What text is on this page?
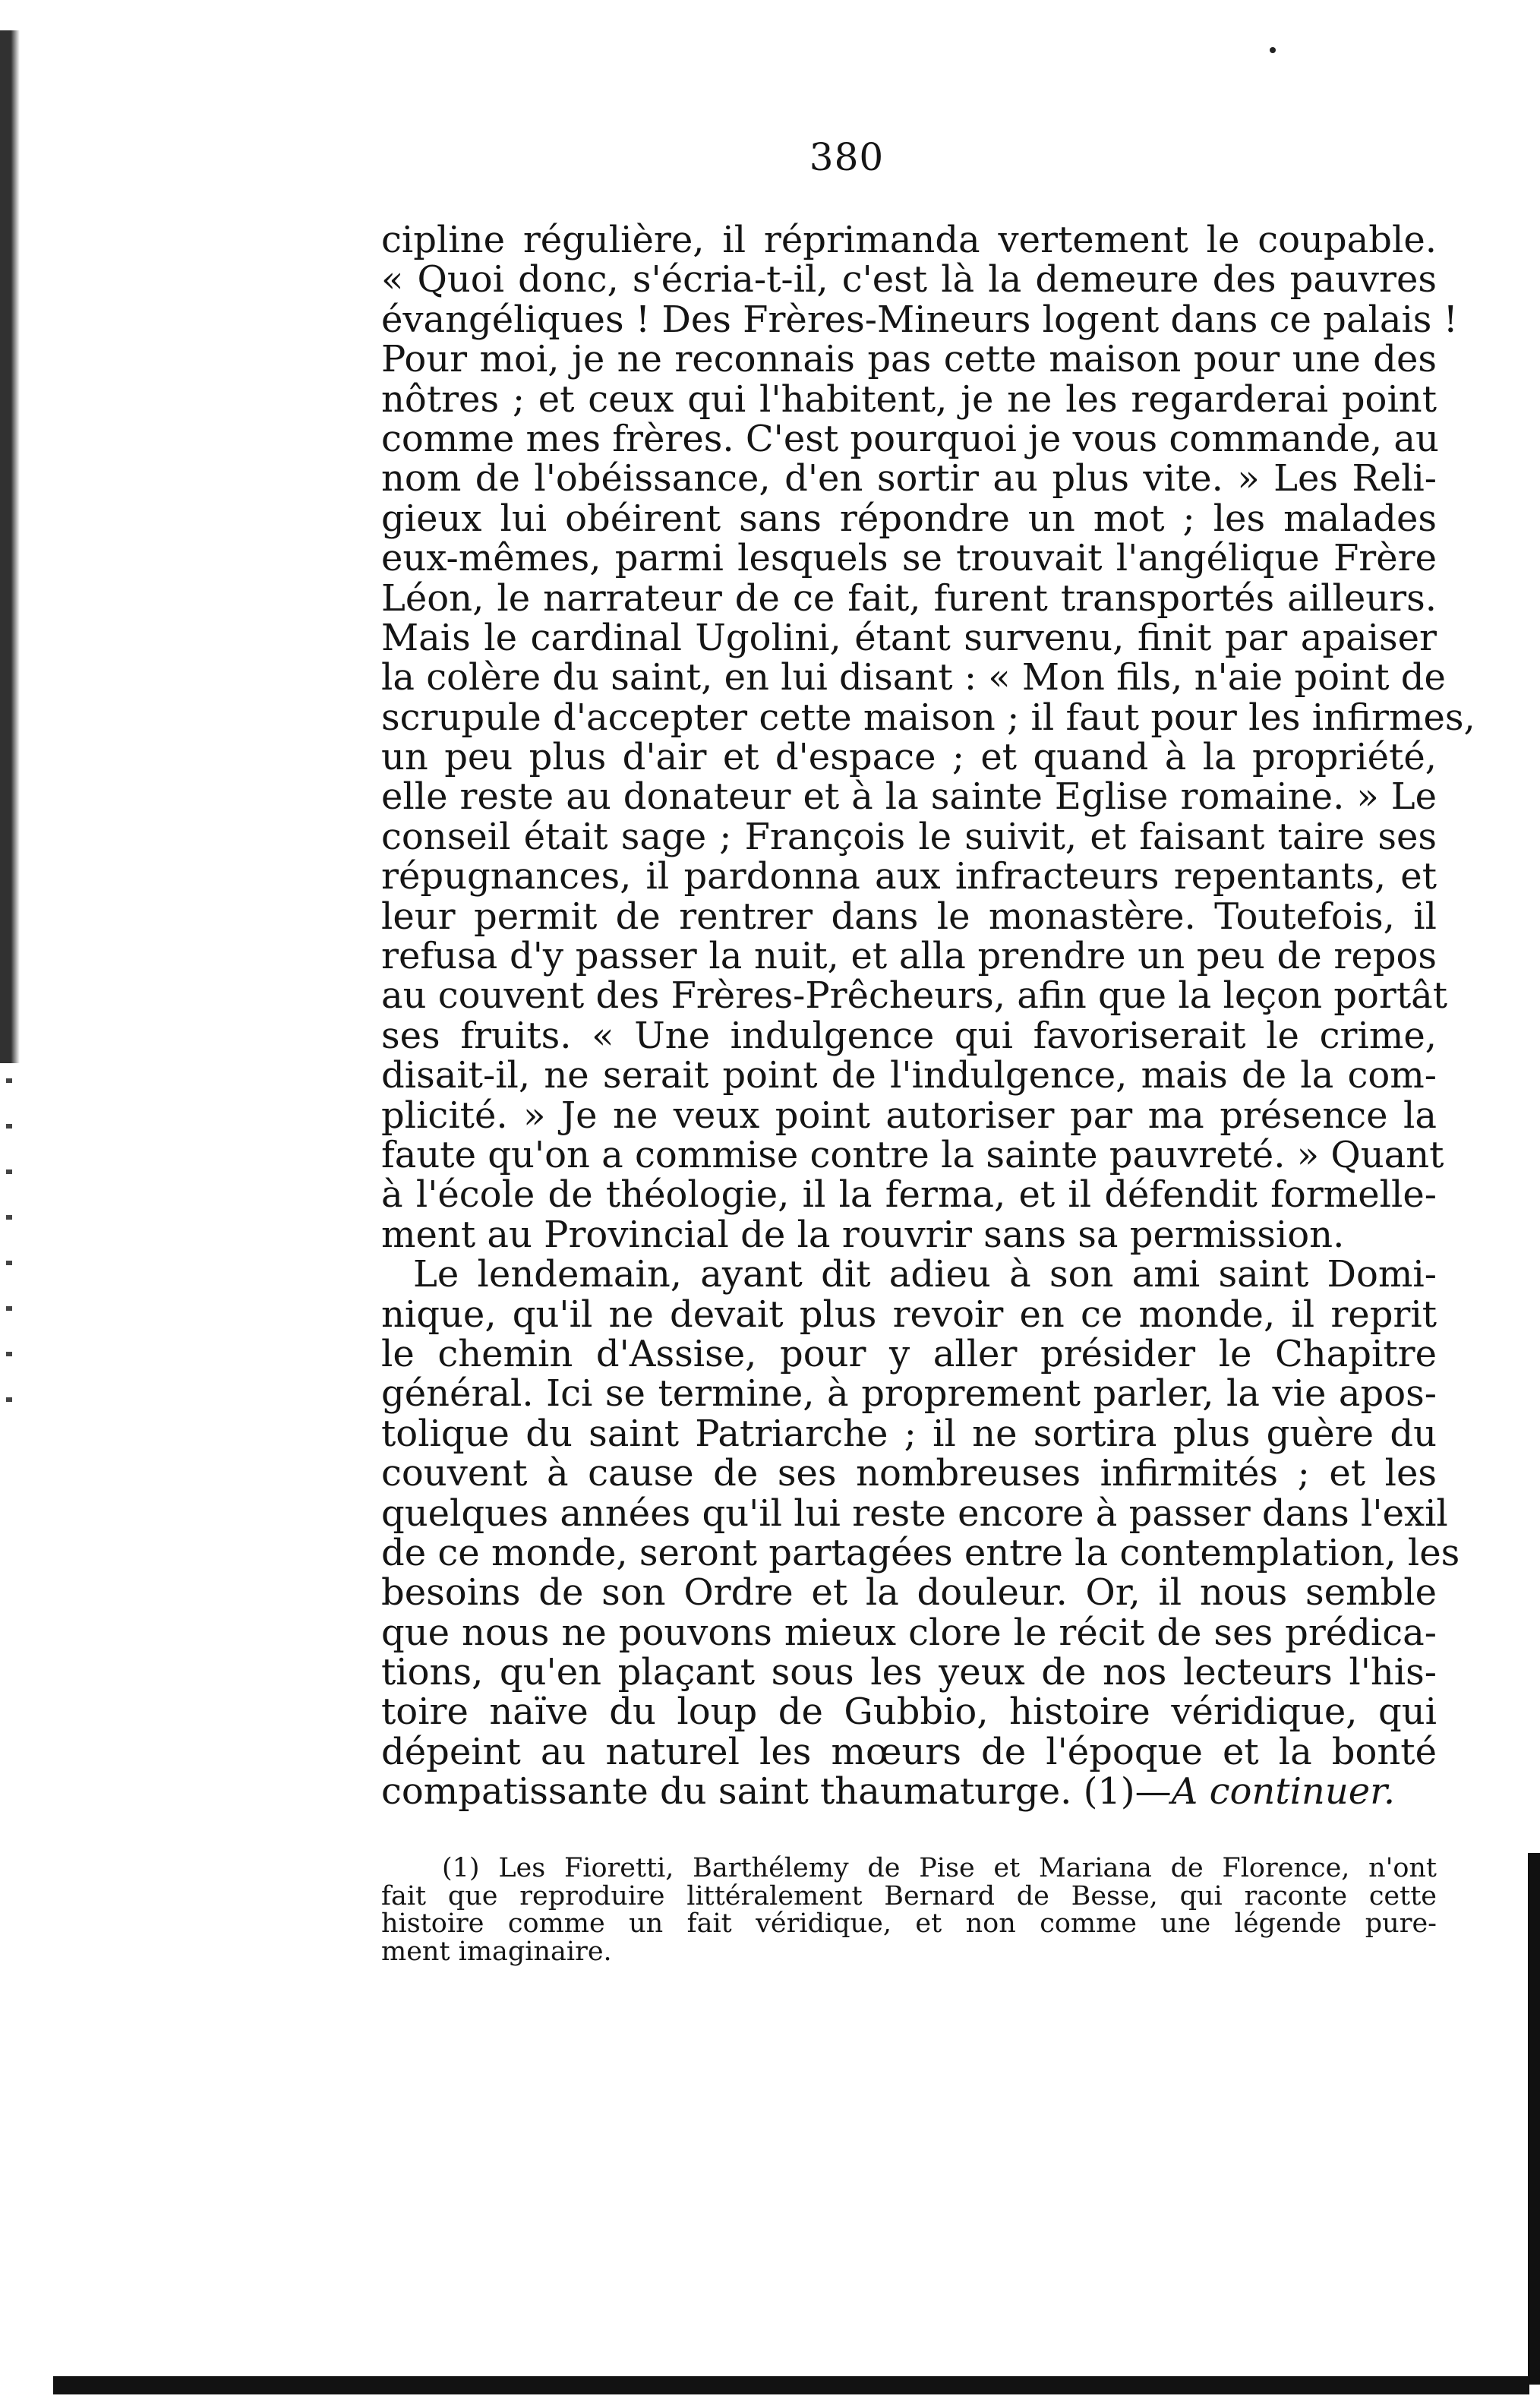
380
cipline régulière, il réprimanda vertement le coupable.
« Quoi donc, s'écria-t-il, c'est là la demeure des pauvres
évangéliques ! Des Frères-Mineurs logent dans ce palais !
Pour moi, je ne reconnais pas cette maison pour une des
nôtres ; et ceux qui l'habitent, je ne les regarderai point
comme mes frères. C'est pourquoi je vous commande, au
nom de l'obéissance, d'en sortir au plus vite. » Les Reli-
gieux lui obéirent sans répondre un mot ; les malades
eux-mêmes, parmi lesquels se trouvait l'angélique Frère
Léon, le narrateur de ce fait, furent transportés ailleurs.
Mais le cardinal Ugolini, étant survenu, finit par apaiser
la colère du saint, en lui disant : « Mon fils, n'aie point de
scrupule d'accepter cette maison ; il faut pour les infirmes,
un peu plus d'air et d'espace ; et quand à la propriété,
elle reste au donateur et à la sainte Eglise romaine. » Le
conseil était sage ; François le suivit, et faisant taire ses
répugnances, il pardonna aux infracteurs repentants, et
leur permit de rentrer dans le monastère. Toutefois, il
refusa d'y passer la nuit, et alla prendre un peu de repos
au couvent des Frères-Prêcheurs, afin que la leçon portât
ses fruits. « Une indulgence qui favoriserait le crime,
disait-il, ne serait point de l'indulgence, mais de la com-
plicité. » Je ne veux point autoriser par ma présence la
faute qu'on a commise contre la sainte pauvreté. » Quant
à l'école de théologie, il la ferma, et il défendit formelle-
ment au Provincial de la rouvrir sans sa permission.
Le lendemain, ayant dit adieu à son ami saint Domi-
nique, qu'il ne devait plus revoir en ce monde, il reprit
le chemin d'Assise, pour y aller présider le Chapitre
général. Ici se termine, à proprement parler, la vie apos-
tolique du saint Patriarche ; il ne sortira plus guère du
couvent à cause de ses nombreuses infirmités ; et les
quelques années qu'il lui reste encore à passer dans l'exil
de ce monde, seront partagées entre la contemplation, les
besoins de son Ordre et la douleur. Or, il nous semble
que nous ne pouvons mieux clore le récit de ses prédica-
tions, qu'en plaçant sous les yeux de nos lecteurs l'his-
toire naïve du loup de Gubbio, histoire véridique, qui
dépeint au naturel les mœurs de l'époque et la bonté
compatissante du saint thaumaturge. (1)—A continuer.
(1) Les Fioretti, Barthélemy de Pise et Mariana de Florence, n'ont
fait que reproduire littéralement Bernard de Besse, qui raconte cette
histoire comme un fait véridique, et non comme une légende pure-
ment imaginaire.
